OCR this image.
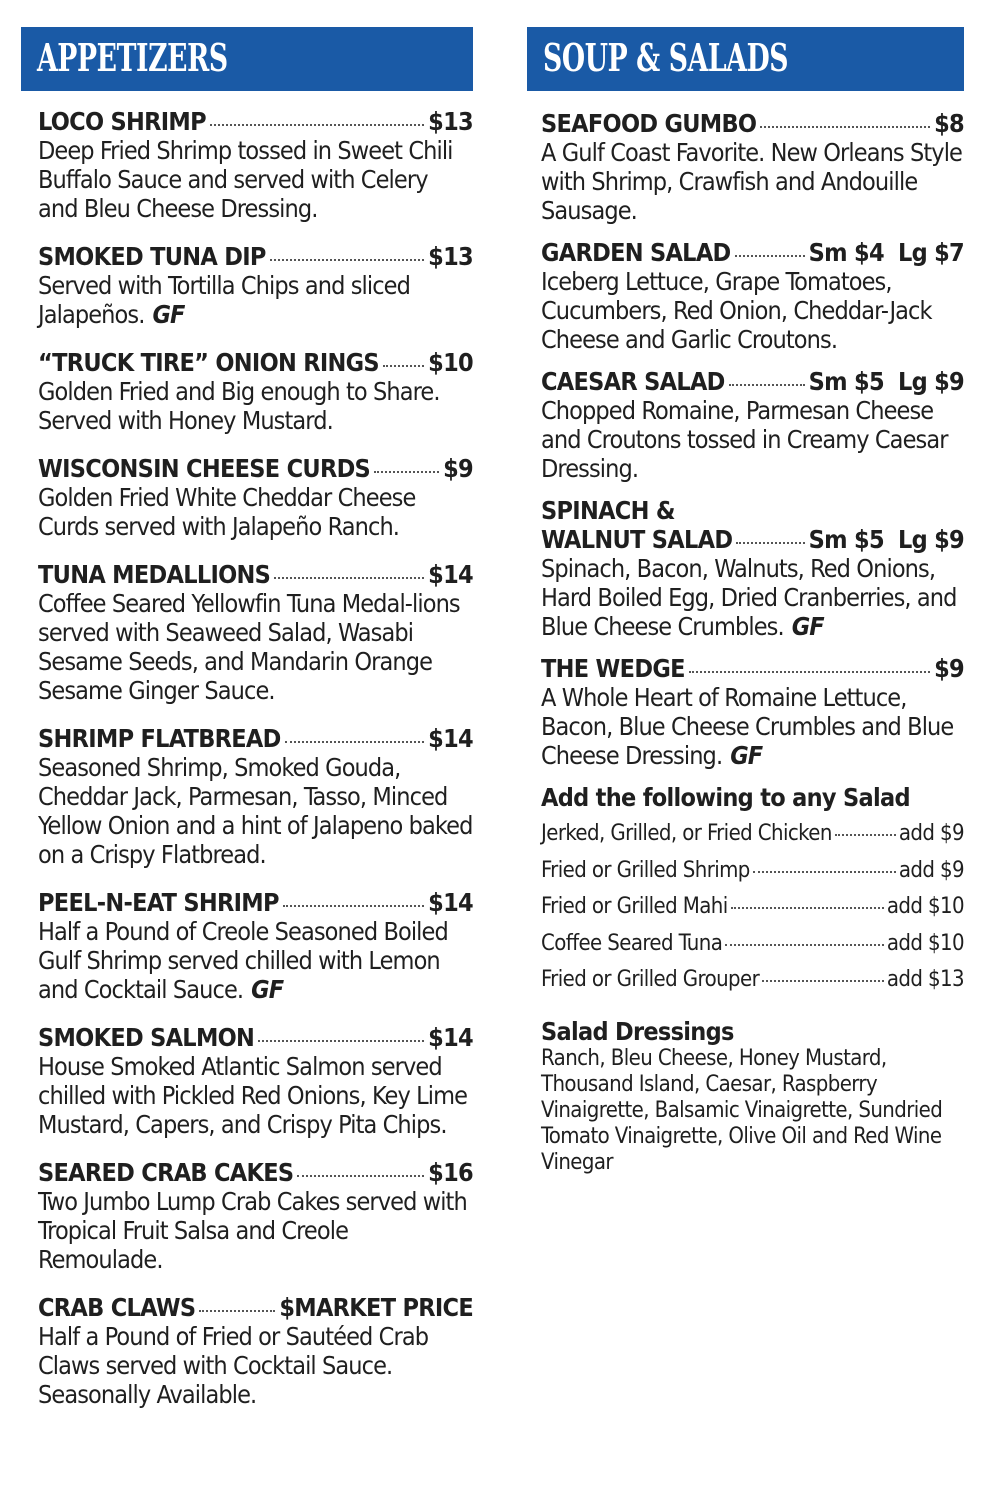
APPETIZERS
LOCO SHRIMP	$13

Deep Fried Shrimp tossed in Sweet Chili Buffalo Sauce and served with Celery and Bleu Cheese Dressing.

SMOKED TUNA DIP	$13

Served with Tortilla Chips and sliced Jalapeños. GF

“TRUCK TIRE” ONION RINGS $10

Golden Fried and Big enough to Share. Served with Honey Mustard.

WISCONSIN CHEESE CURDS	$9

Golden Fried White Cheddar Cheese Curds served with Jalapeño Ranch.

TUNA MEDALLIONS	$14

Coffee Seared Yellowfin Tuna Medal-lions served with Seaweed Salad, Wasabi Sesame Seeds, and Mandarin Orange Sesame Ginger Sauce.

SHRIMP FLATBREAD	$14

Seasoned Shrimp, Smoked Gouda, Cheddar Jack, Parmesan, Tasso, Minced Yellow Onion and a hint of Jalapeno baked on a Crispy Flatbread.

PEEL-N-EAT SHRIMP	$14

Half a Pound of Creole Seasoned Boiled Gulf Shrimp served chilled with Lemon and Cocktail Sauce. GF

SMOKED SALMON	$14

House Smoked Atlantic Salmon served chilled with Pickled Red Onions, Key Lime Mustard, Capers, and Crispy Pita Chips.

SEARED CRAB CAKES	$16

Two Jumbo Lump Crab Cakes served with Tropical Fruit Salsa and Creole Remoulade.

CRAB CLAWS	$MARKET PRICE

Half a Pound of Fried or Sautéed Crab Claws served with Cocktail Sauce. Seasonally Available.

SOUP & SALADS
SEAFOOD GUMBO	$8

A Gulf Coast Favorite. New Orleans Style with Shrimp, Crawfish and Andouille Sausage.

GARDEN SALAD	Sm $4 Lg $7

Iceberg Lettuce, Grape Tomatoes, Cucumbers, Red Onion, Cheddar-Jack Cheese and Garlic Croutons.

CAESAR SALAD	Sm $5 Lg $9

Chopped Romaine, Parmesan Cheese and Croutons tossed in Creamy Caesar Dressing.

SPINACH &
WALNUT SALAD	Sm $5 Lg $9

Spinach, Bacon, Walnuts, Red Onions, Hard Boiled Egg, Dried Cranberries, and Blue Cheese Crumbles. GF

THE WEDGE	$9

A Whole Heart of Romaine Lettuce, Bacon, Blue Cheese Crumbles and Blue Cheese Dressing. GF

Add the following to any Salad
Jerked, Grilled, or Fried Chicken	add $9
Fried or Grilled Shrimp	add $9
Fried or Grilled Mahi	add $10
Coffee Seared Tuna	add $10
Fried or Grilled Grouper	add $13
Salad Dressings

Ranch, Bleu Cheese, Honey Mustard, Thousand Island, Caesar, Raspberry Vinaigrette, Balsamic Vinaigrette, Sundried Tomato Vinaigrette, Olive Oil and Red Wine Vinegar
